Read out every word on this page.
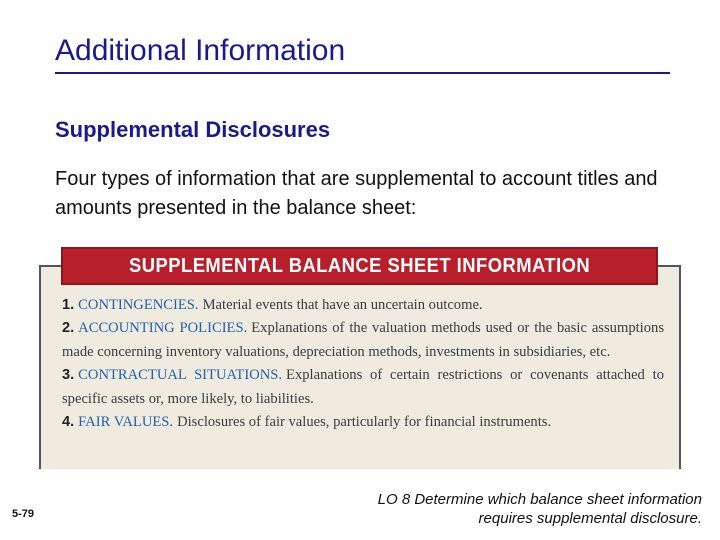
Additional Information
Supplemental Disclosures
Four types of information that are supplemental to account titles and amounts presented in the balance sheet:
SUPPLEMENTAL BALANCE SHEET INFORMATION

1. CONTINGENCIES. Material events that have an uncertain outcome.

2. ACCOUNTING POLICIES. Explanations of the valuation methods used or the basic assumptions made concerning inventory valuations, depreciation methods, investments in subsidiaries, etc.

3. CONTRACTUAL SITUATIONS. Explanations of certain restrictions or covenants attached to specific assets or, more likely, to liabilities.

4. FAIR VALUES. Disclosures of fair values, particularly for financial instruments.

5-79
LO 8 Determine which balance sheet information
requires supplemental disclosure.
